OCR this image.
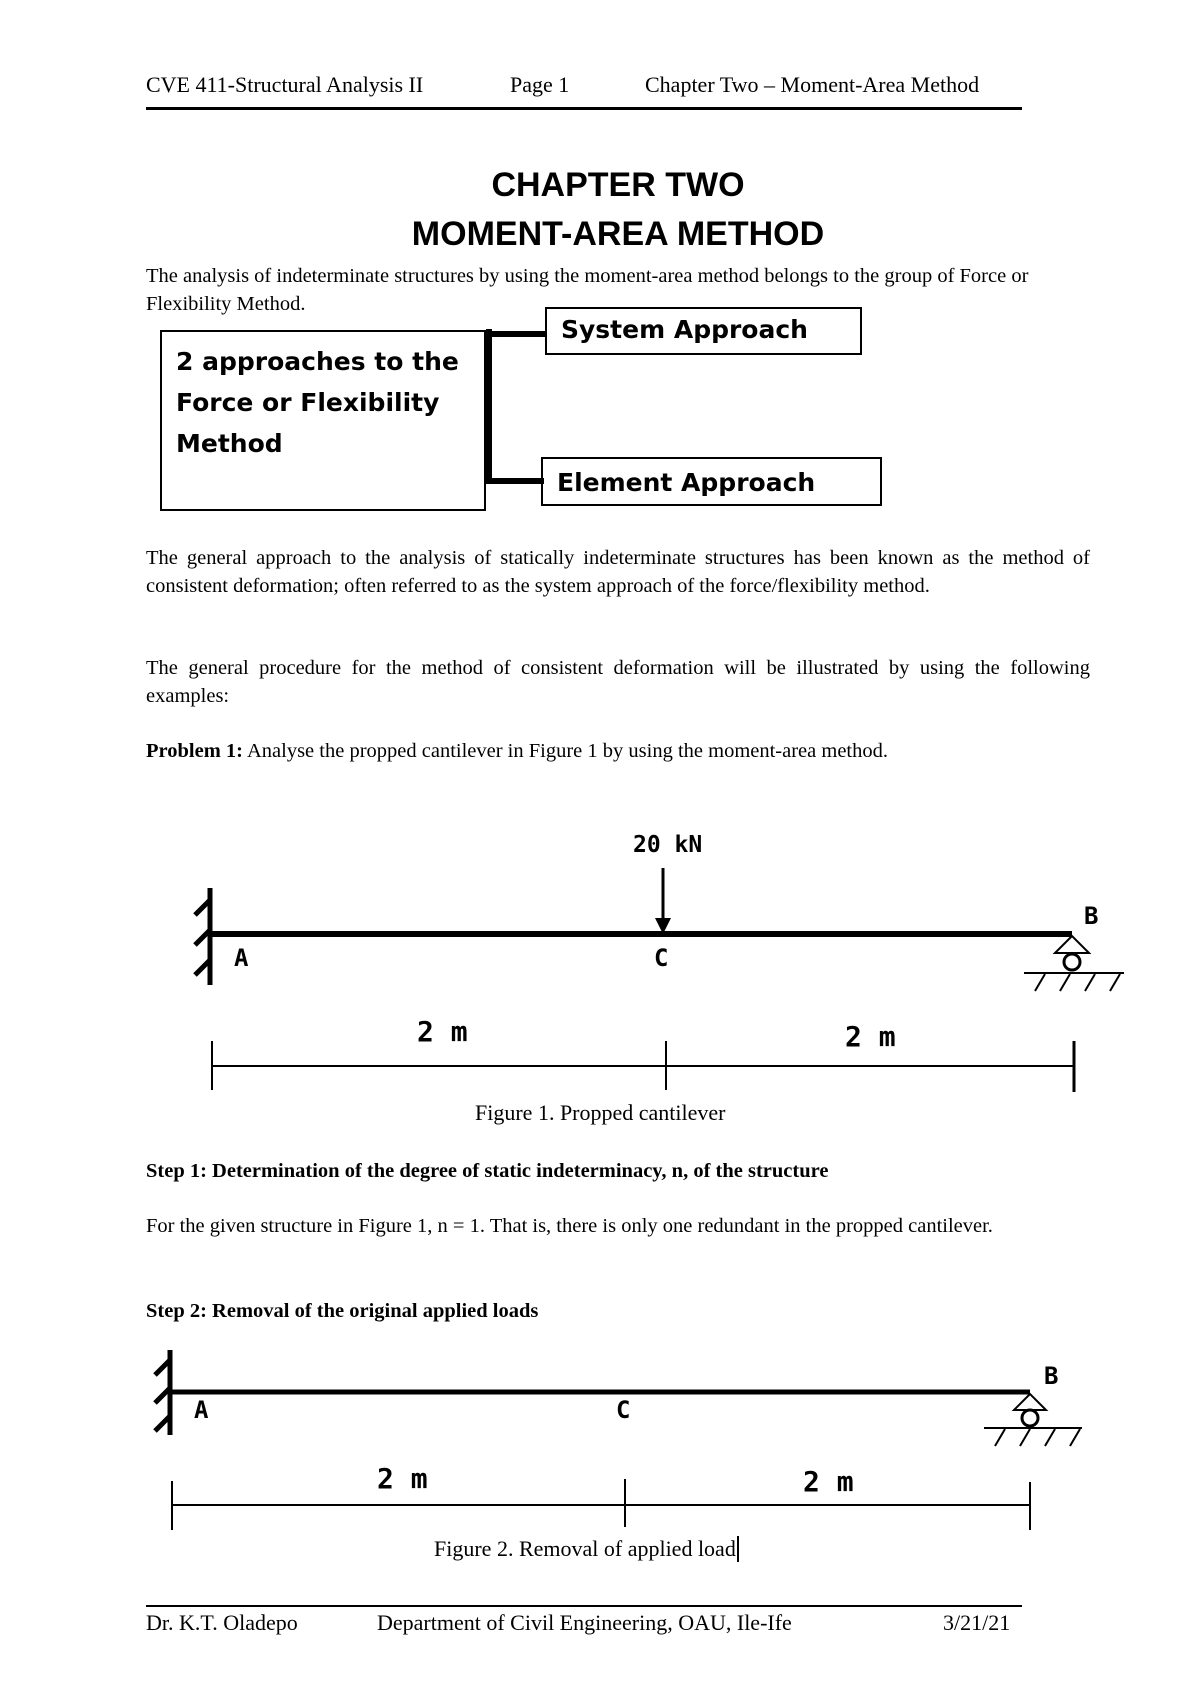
CVE 411-Structural Analysis II	Page 1	Chapter Two – Moment-Area Method
CHAPTER TWO
MOMENT-AREA METHOD

The analysis of indeterminate structures by using the moment-area method belongs to the group of Force or Flexibility Method.

2 approaches to the Force or Flexibility Method
System Approach
Element Approach

The general approach to the analysis of statically indeterminate structures has been known as the method of consistent deformation; often referred to as the system approach of the force/flexibility method.

The general procedure for the method of consistent deformation will be illustrated by using the following examples:

Problem 1: Analyse the propped cantilever in Figure 1 by using the moment-area method.

20 kN
A	C
B
2 m	2 m
Figure 1. Propped cantilever

Step 1: Determination of the degree of static indeterminacy, n, of the structure

For the given structure in Figure 1, n = 1. That is, there is only one redundant in the propped cantilever.

Step 2: Removal of the original applied loads

A	C
B
2 m	2 m
Figure 2. Removal of applied load
Dr. K.T. Oladepo	Department of Civil Engineering, OAU, Ile-Ife	3/21/21
